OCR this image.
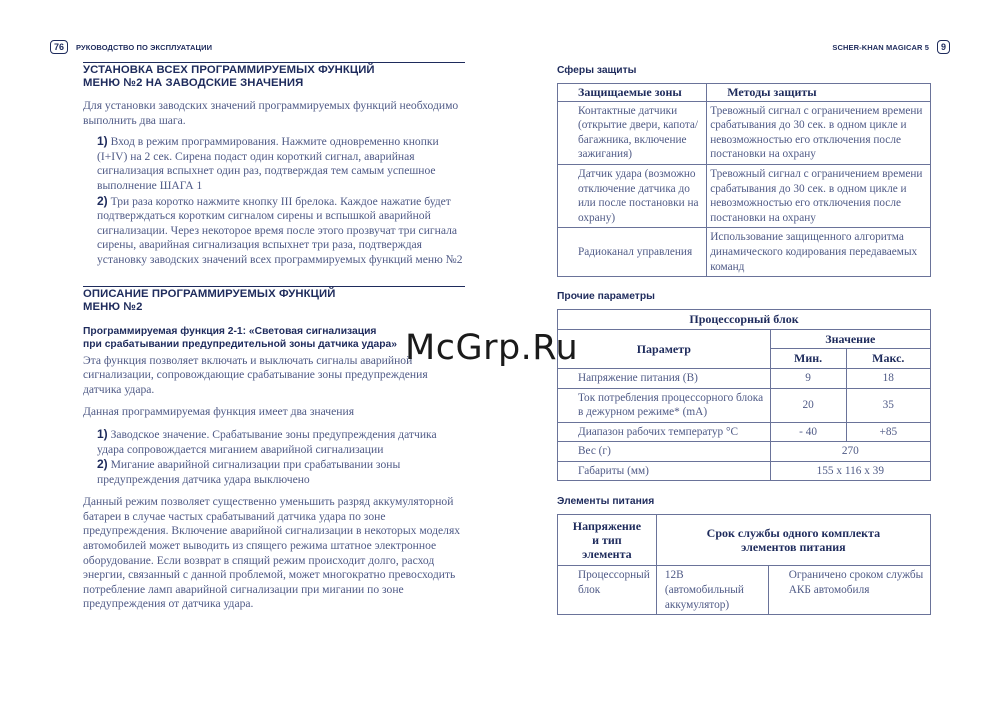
76	РУКОВОДСТВО ПО ЭКСПЛУАТАЦИИ	SCHER-KHAN MAGICAR 5	9
УСТАНОВКА ВСЕХ ПРОГРАММИРУЕМЫХ ФУНКЦИЙ
МЕНЮ №2 НА ЗАВОДСКИЕ ЗНАЧЕНИЯ

Для установки заводских значений программируемых функций необходимо выполнить два шага.

1) Вход в режим программирования. Нажмите одновременно кнопки (I+IV) на 2 сек. Сирена подаст один короткий сигнал, аварийная сигнализация вспыхнет один раз, подтверждая тем самым успешное выполнение ШАГА 1

2) Три раза коротко нажмите кнопку III брелока. Каждое нажатие будет подтверждаться коротким сигналом сирены и вспышкой аварийной сигнализации. Через некоторое время после этого прозвучат три сигнала сирены, аварийная сигнализация вспыхнет три раза, подтверждая установку заводских значений всех программируемых функций меню №2

ОПИСАНИЕ ПРОГРАММИРУЕМЫХ ФУНКЦИЙ
МЕНЮ №2
Программируемая функция 2-1: «Световая сигнализация
при срабатывании предупредительной зоны датчика удара»

Эта функция позволяет включать и выключать сигналы аварийной сигнализации, сопровождающие срабатывание зоны предупреждения датчика удара.

Данная программируемая функция имеет два значения

1) Заводское значение. Срабатывание зоны предупреждения датчика удара сопровождается миганием аварийной сигнализации

2) Мигание аварийной сигнализации при срабатывании зоны предупреждения датчика удара выключено

Данный режим позволяет существенно уменьшить разряд аккумуляторной батареи в случае частых срабатываний датчика удара по зоне предупреждения. Включение аварийной сигнализации в некоторых моделях автомобилей может выводить из спящего режима штатное электронное оборудование. Если возврат в спящий режим происходит долго, расход энергии, связанный с данной проблемой, может многократно превосходить потребление ламп аварийной сигнализации при мигании по зоне предупреждения от датчика удара.

Сферы защиты
Защищаемые зоны	Методы защиты
Контактные датчики (открытие двери, капота/багажника, включение зажигания)	Тревожный сигнал с ограничением времени срабатывания до 30 сек. в одном цикле и невозможностью его отключения после постановки на охрану
Датчик удара (возможно отключение датчика до или после постановки на охрану)	Тревожный сигнал с ограничением времени срабатывания до 30 сек. в одном цикле и невозможностью его отключения после постановки на охрану
Радиоканал управления	Использование защищенного алгоритма динамического кодирования передаваемых команд
Прочие параметры
Процессорный блок		
Параметр	Значение	
	Мин.	Макс.
Напряжение питания (В)	9	18
Ток потребления процессорного блока в дежурном режиме* (mA)	20	35
Диапазон рабочих температур °C	- 40	+85
Вес (г)	270	
Габариты (мм)	155 x 116 x 39	
Элементы питания
Напряжение и тип элемента	Срок службы одного комплекта элементов питания	
Процессорный блок	12В (автомобильный аккумулятор)	Ограничено сроком службы АКБ автомобиля
McGrp.Ru
